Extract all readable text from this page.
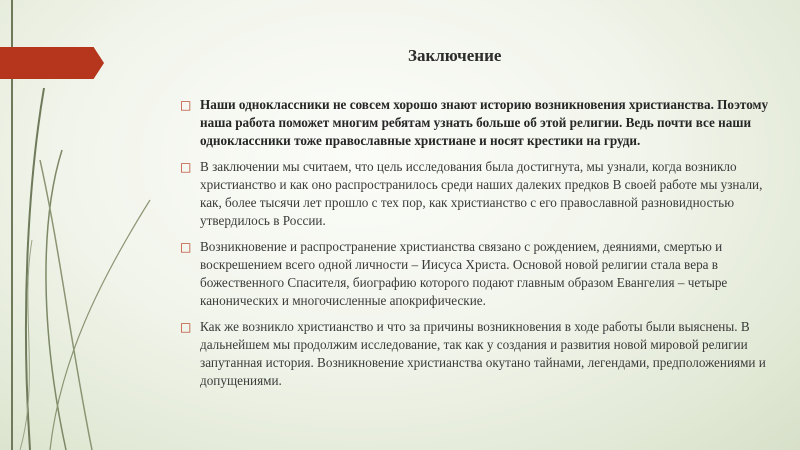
Заключение
□ Наши одноклассники не совсем хорошо знают историю возникновения христианства. Поэтому наша работа поможет многим ребятам узнать больше об этой религии. Ведь почти все наши одноклассники тоже православные христиане и носят крестики на груди.
□ В заключении мы считаем, что цель исследования была достигнута, мы узнали, когда возникло христианство и как оно распространилось среди наших далеких предков В своей работе мы узнали, как, более тысячи лет прошло с тех пор, как христианство с его православной разновидностью утвердилось в России.
□ Возникновение и распространение христианства связано с рождением, деяниями, смертью и воскрешением всего одной личности – Иисуса Христа. Основой новой религии стала вера в божественного Спасителя, биографию которого подают главным образом Евангелия – четыре канонических и многочисленные апокрифические.
□ Как же возникло христианство и что за причины возникновения в ходе работы были выяснены. В дальнейшем мы продолжим исследование, так как у создания и развития новой мировой религии запутанная история. Возникновение христианства окутано тайнами, легендами, предположениями и допущениями.
